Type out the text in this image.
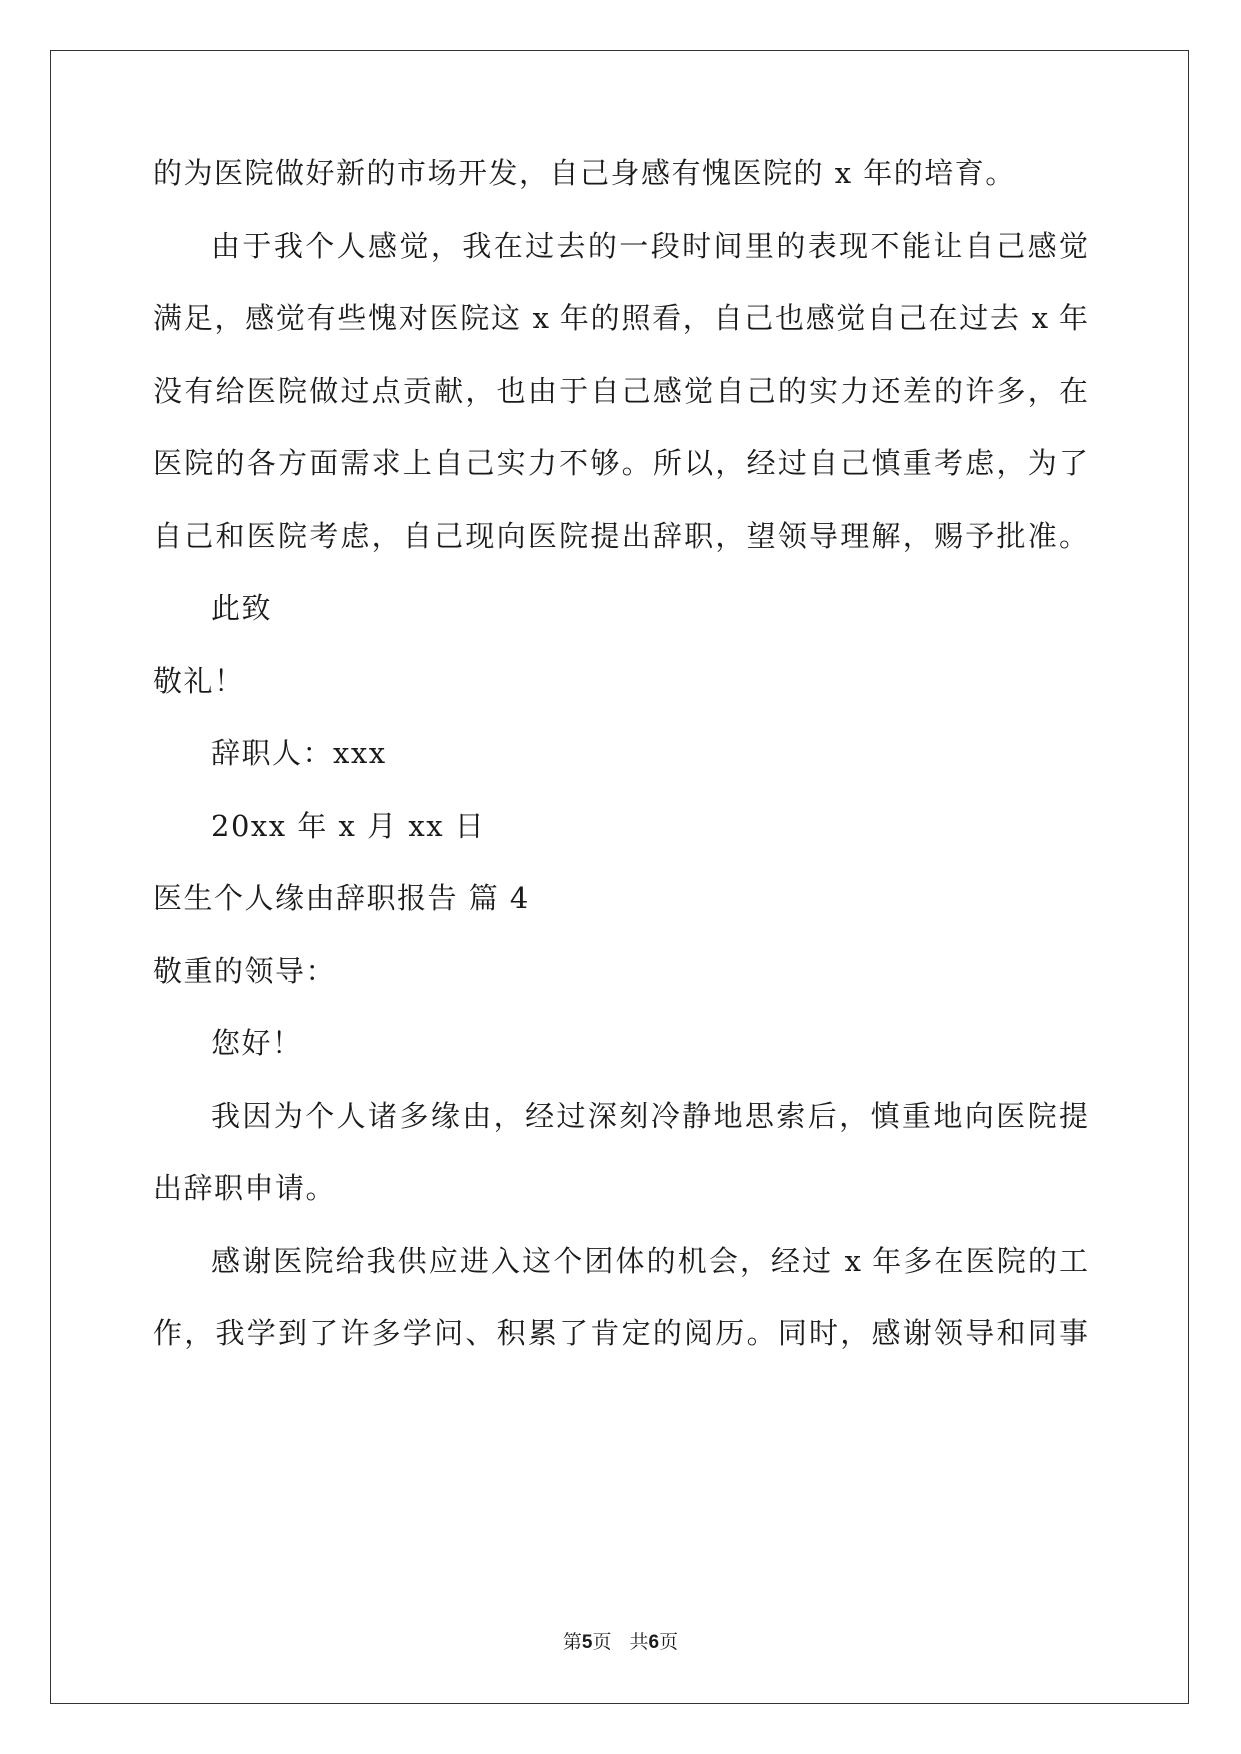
的为医院做好新的市场开发，自己身感有愧医院的 x 年的培育。
由于我个人感觉，我在过去的一段时间里的表现不能让自己感觉
满足，感觉有些愧对医院这 x 年的照看，自己也感觉自己在过去 x 年
没有给医院做过点贡献，也由于自己感觉自己的实力还差的许多，在
医院的各方面需求上自己实力不够。所以，经过自己慎重考虑，为了
自己和医院考虑，自己现向医院提出辞职，望领导理解，赐予批准。
此致
敬礼！
辞职人：xxx
20xx 年 x 月 xx 日
医生个人缘由辞职报告 篇 4
敬重的领导：
您好！
我因为个人诸多缘由，经过深刻冷静地思索后，慎重地向医院提
出辞职申请。
感谢医院给我供应进入这个团体的机会，经过 x 年多在医院的工
作，我学到了许多学问、积累了肯定的阅历。同时，感谢领导和同事
第5页 共6页
